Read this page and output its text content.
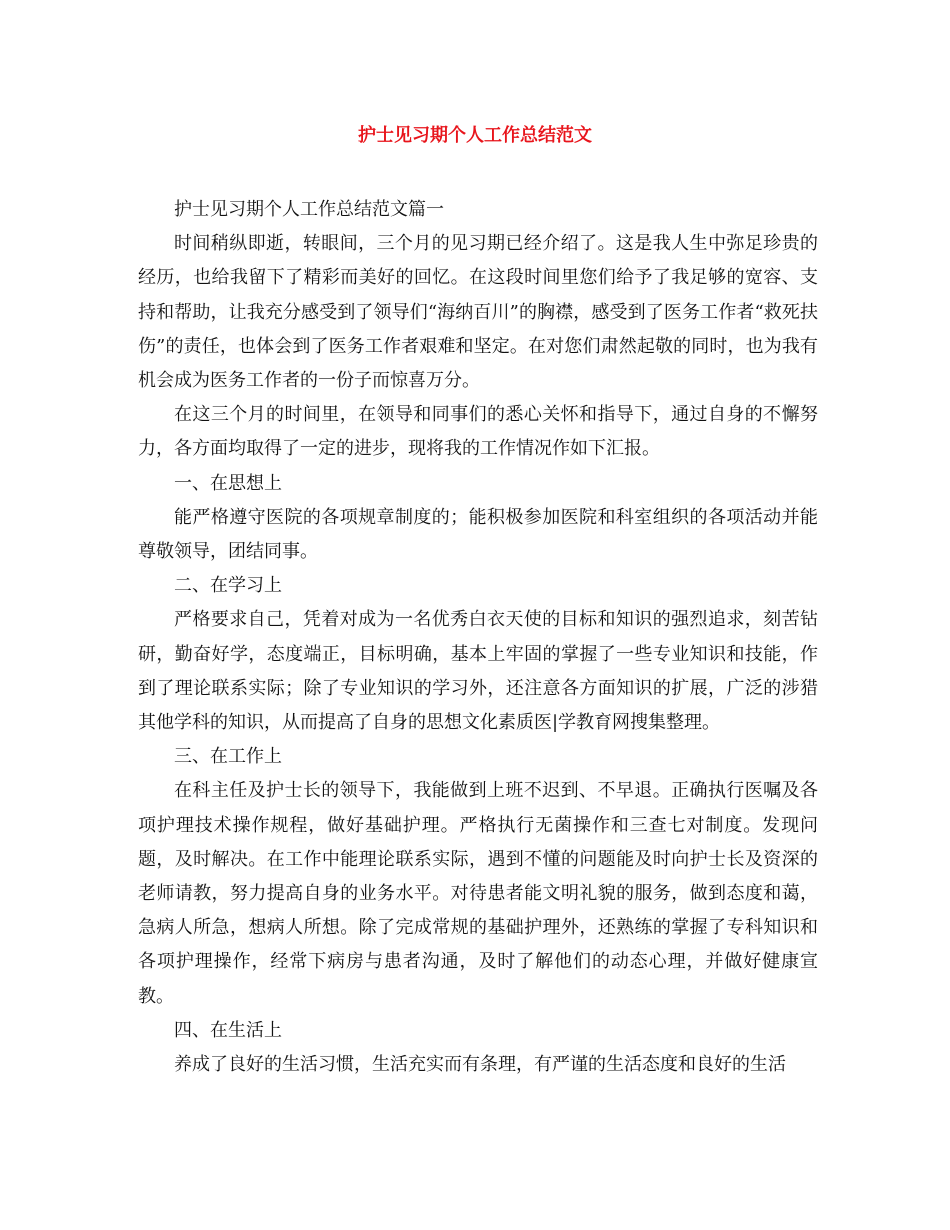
护士见习期个人工作总结范文

护士见习期个人工作总结范文篇一

时间稍纵即逝，转眼间，三个月的见习期已经介绍了。这是我人生中弥足珍贵的经历，也给我留下了精彩而美好的回忆。在这段时间里您们给予了我足够的宽容、支持和帮助，让我充分感受到了领导们“海纳百川”的胸襟，感受到了医务工作者“救死扶伤”的责任，也体会到了医务工作者艰难和坚定。在对您们肃然起敬的同时，也为我有机会成为医务工作者的一份子而惊喜万分。

在这三个月的时间里，在领导和同事们的悉心关怀和指导下，通过自身的不懈努力，各方面均取得了一定的进步，现将我的工作情况作如下汇报。

一、在思想上

能严格遵守医院的各项规章制度的；能积极参加医院和科室组织的各项活动并能尊敬领导，团结同事。

二、在学习上

严格要求自己，凭着对成为一名优秀白衣天使的目标和知识的强烈追求，刻苦钻研，勤奋好学，态度端正，目标明确，基本上牢固的掌握了一些专业知识和技能，作到了理论联系实际；除了专业知识的学习外，还注意各方面知识的扩展，广泛的涉猎其他学科的知识，从而提高了自身的思想文化素质医|学教育网搜集整理。

三、在工作上

在科主任及护士长的领导下，我能做到上班不迟到、不早退。正确执行医嘱及各项护理技术操作规程，做好基础护理。严格执行无菌操作和三查七对制度。发现问题，及时解决。在工作中能理论联系实际，遇到不懂的问题能及时向护士长及资深的老师请教，努力提高自身的业务水平。对待患者能文明礼貌的服务，做到态度和蔼，急病人所急，想病人所想。除了完成常规的基础护理外，还熟练的掌握了专科知识和各项护理操作，经常下病房与患者沟通，及时了解他们的动态心理，并做好健康宣教。

四、在生活上

养成了良好的生活习惯，生活充实而有条理，有严谨的生活态度和良好的生活
